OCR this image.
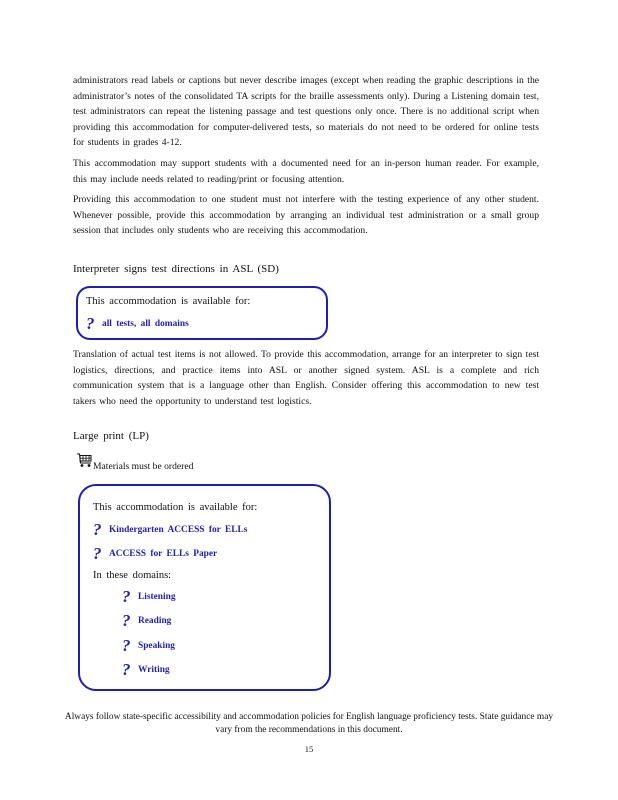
administrators read labels or captions but never describe images (except when reading the graphic descriptions in the administrator’s notes of the consolidated TA scripts for the braille assessments only). During a Listening domain test, test administrators can repeat the listening passage and test questions only once. There is no additional script when providing this accommodation for computer-delivered tests, so materials do not need to be ordered for online tests for students in grades 4-12.

This accommodation may support students with a documented need for an in-person human reader. For example, this may include needs related to reading/print or focusing attention.

Providing this accommodation to one student must not interfere with the testing experience of any other student. Whenever possible, provide this accommodation by arranging an individual test administration or a small group session that includes only students who are receiving this accommodation.

Interpreter signs test directions in ASL (SD)

This accommodation is available for:
? all tests, all domains

Translation of actual test items is not allowed. To provide this accommodation, arrange for an interpreter to sign test logistics, directions, and practice items into ASL or another signed system. ASL is a complete and rich communication system that is a language other than English. Consider offering this accommodation to new test takers who need the opportunity to understand test logistics.

Large print (LP)

Materials must be ordered
This accommodation is available for:
? Kindergarten ACCESS for ELLs
? ACCESS for ELLs Paper
In these domains:
? Listening
? Reading
? Speaking
? Writing

Always follow state-specific accessibility and accommodation policies for English language proficiency tests. State guidance may vary from the recommendations in this document.

15
